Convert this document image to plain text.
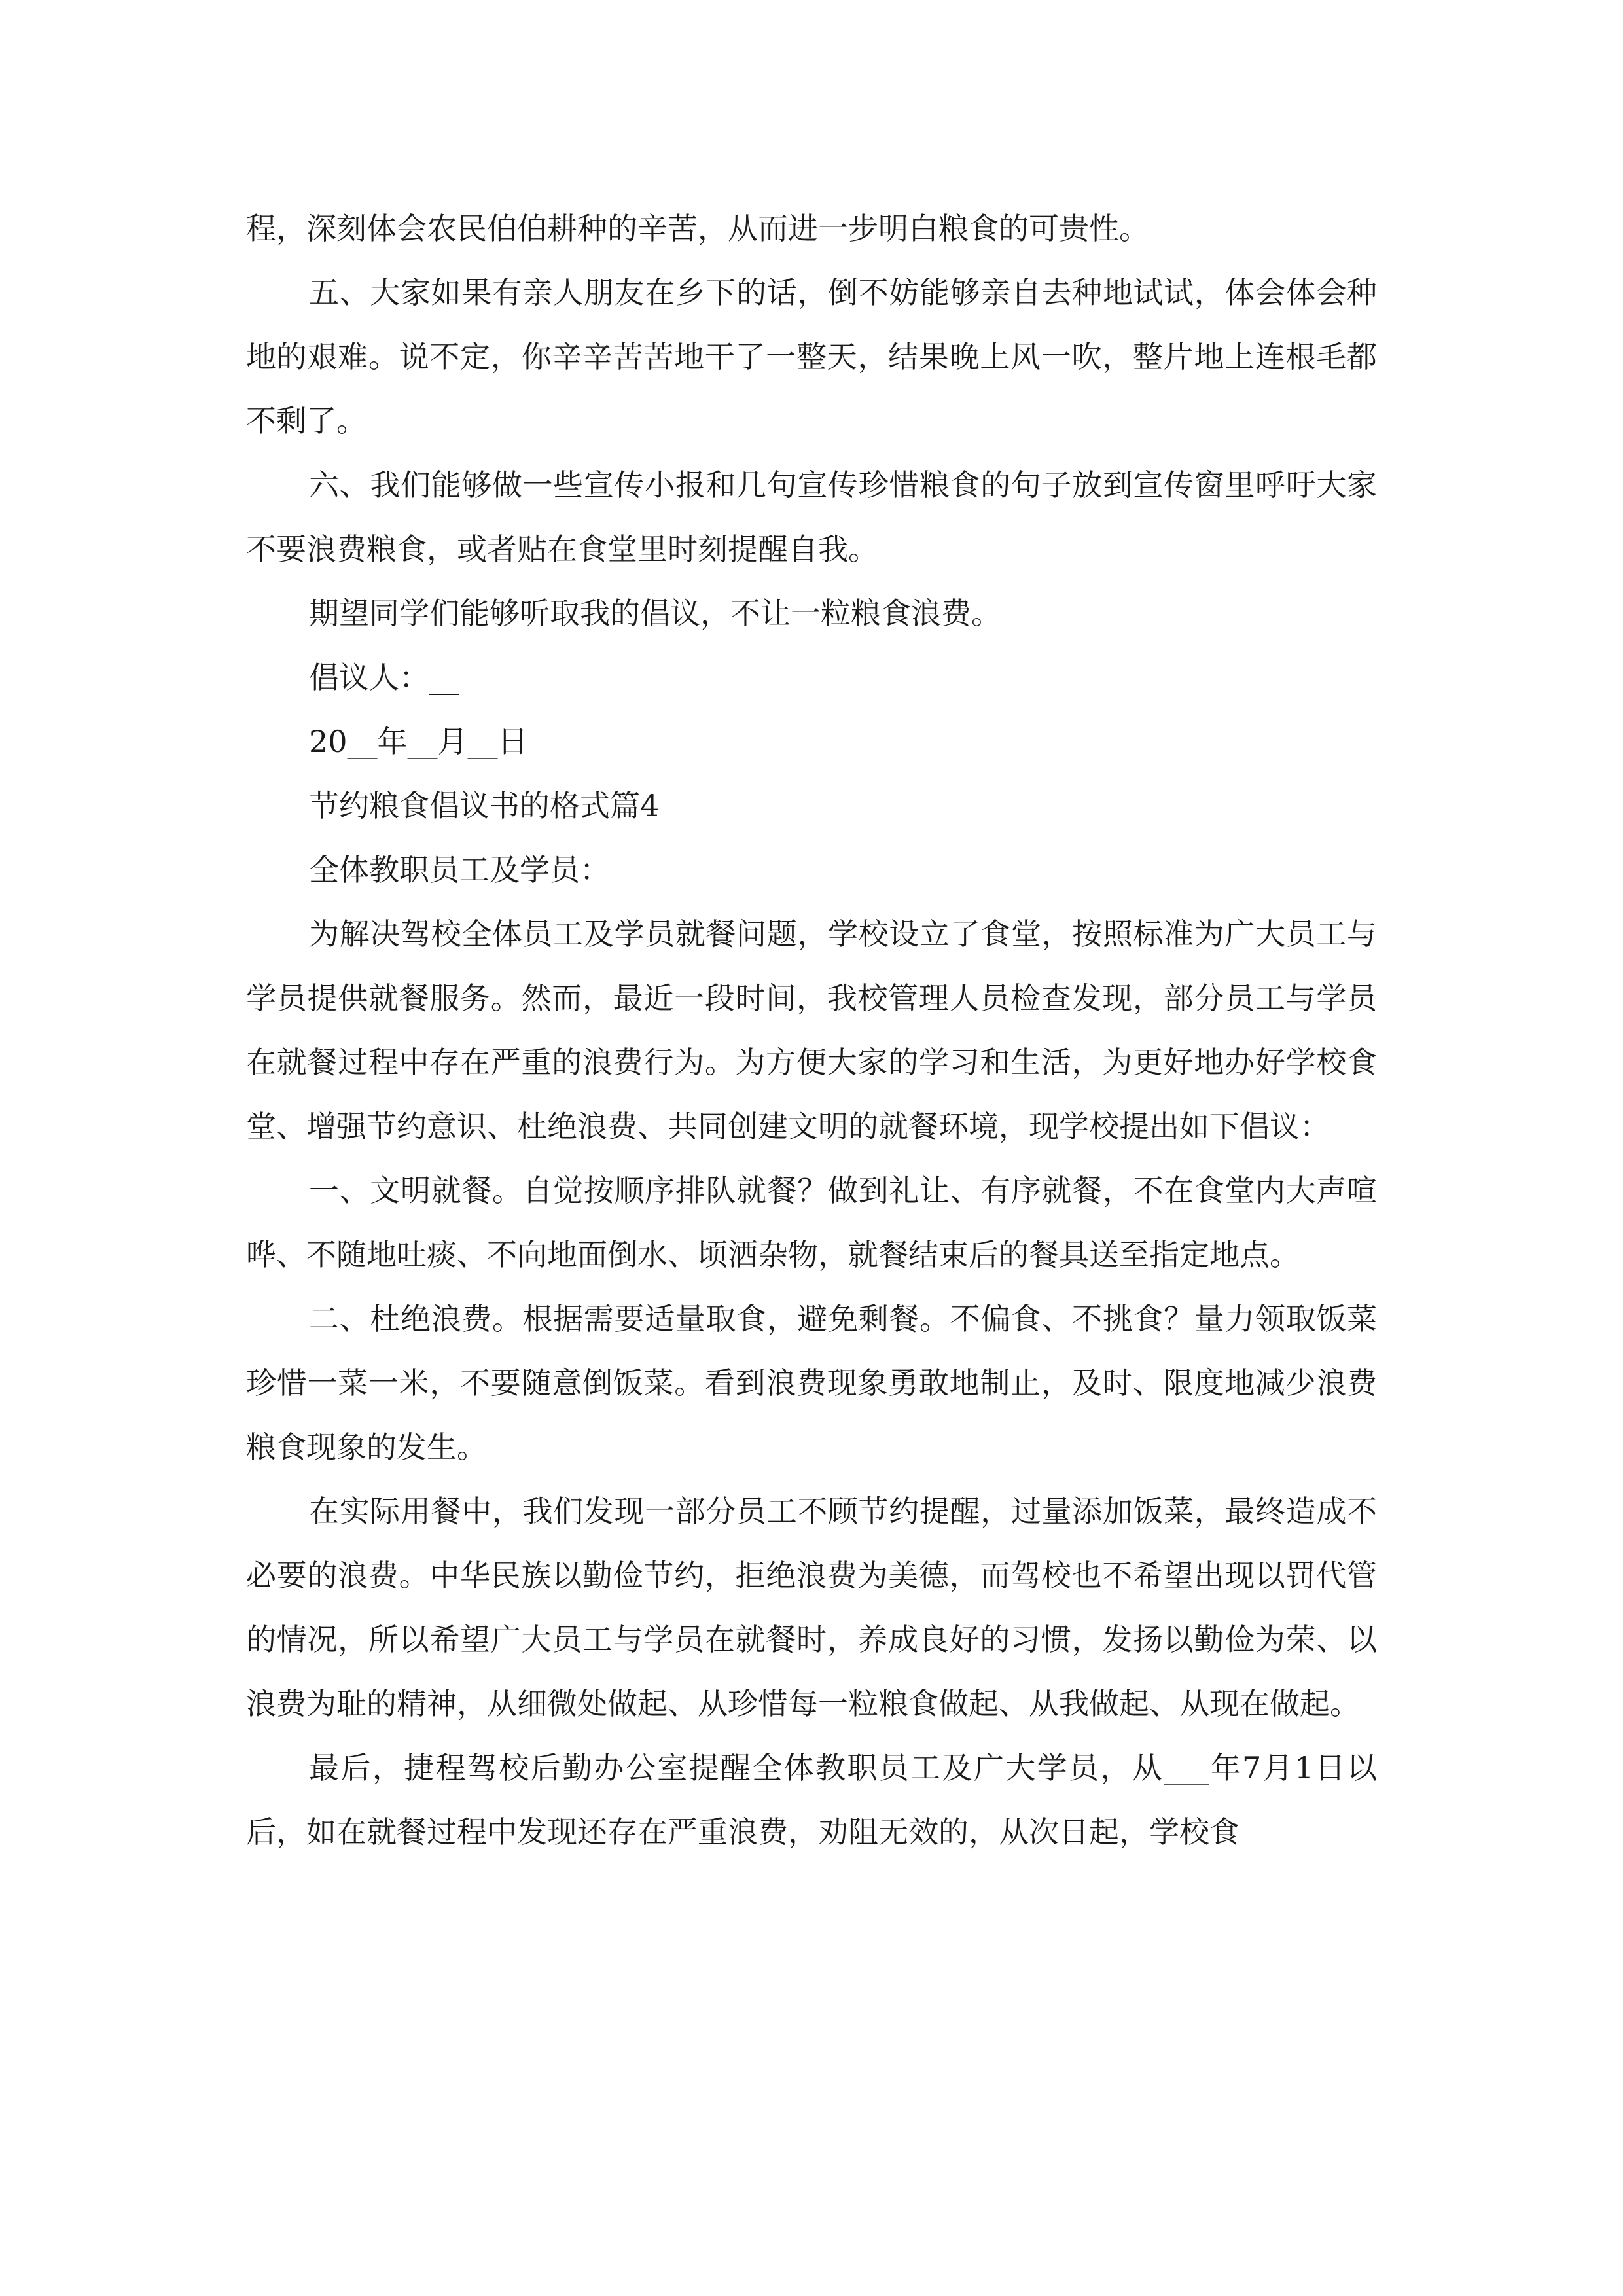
程，深刻体会农民伯伯耕种的辛苦，从而进一步明白粮食的可贵性。

五、大家如果有亲人朋友在乡下的话，倒不妨能够亲自去种地试试，体会体会种地的艰难。说不定，你辛辛苦苦地干了一整天，结果晚上风一吹，整片地上连根毛都不剩了。

六、我们能够做一些宣传小报和几句宣传珍惜粮食的句子放到宣传窗里呼吁大家不要浪费粮食，或者贴在食堂里时刻提醒自我。

期望同学们能够听取我的倡议，不让一粒粮食浪费。

倡议人：__

20__年__月__日

节约粮食倡议书的格式篇4

全体教职员工及学员：

为解决驾校全体员工及学员就餐问题，学校设立了食堂，按照标准为广大员工与学员提供就餐服务。然而，最近一段时间，我校管理人员检查发现，部分员工与学员在就餐过程中存在严重的浪费行为。为方便大家的学习和生活，为更好地办好学校食堂、增强节约意识、杜绝浪费、共同创建文明的就餐环境，现学校提出如下倡议：

一、文明就餐。自觉按顺序排队就餐？做到礼让、有序就餐，不在食堂内大声喧哗、不随地吐痰、不向地面倒水、顷洒杂物，就餐结束后的餐具送至指定地点。

二、杜绝浪费。根据需要适量取食，避免剩餐。不偏食、不挑食？量力领取饭菜珍惜一菜一米，不要随意倒饭菜。看到浪费现象勇敢地制止，及时、限度地减少浪费粮食现象的发生。

在实际用餐中，我们发现一部分员工不顾节约提醒，过量添加饭菜，最终造成不必要的浪费。中华民族以勤俭节约，拒绝浪费为美德，而驾校也不希望出现以罚代管的情况，所以希望广大员工与学员在就餐时，养成良好的习惯，发扬以勤俭为荣、以浪费为耻的精神，从细微处做起、从珍惜每一粒粮食做起、从我做起、从现在做起。

最后，捷程驾校后勤办公室提醒全体教职员工及广大学员，从___年7月1日以后，如在就餐过程中发现还存在严重浪费，劝阻无效的，从次日起，学校食
